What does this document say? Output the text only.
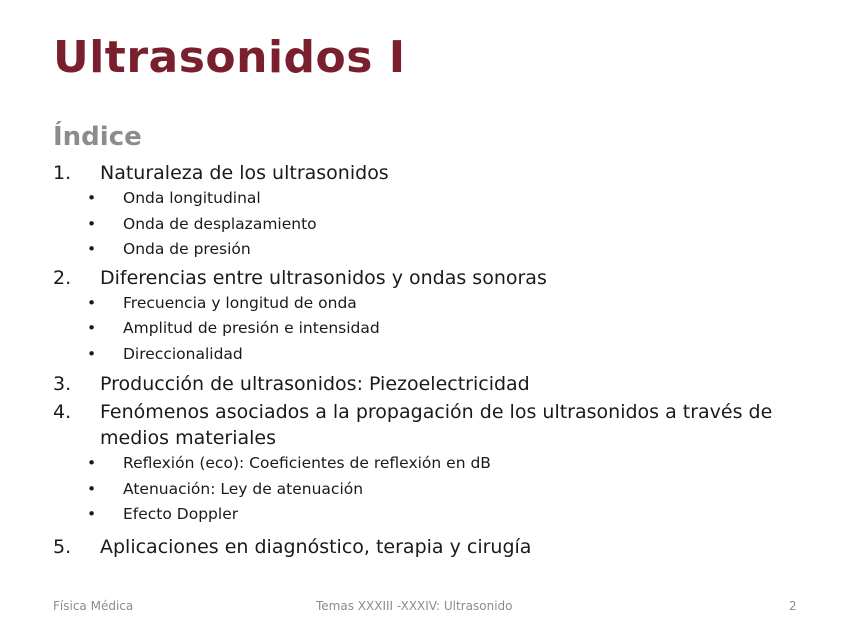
Ultrasonidos I
Índice
1. Naturaleza de los ultrasonidos
• Onda longitudinal
• Onda de desplazamiento
• Onda de presión
2. Diferencias entre ultrasonidos y ondas sonoras
• Frecuencia y longitud de onda
• Amplitud de presión e intensidad
• Direccionalidad
3. Producción de ultrasonidos: Piezoelectricidad
4. Fenómenos asociados a la propagación de los ultrasonidos a través de medios materiales
• Reflexión (eco): Coeficientes de reflexión en dB
• Atenuación: Ley de atenuación
• Efecto Doppler
5. Aplicaciones en diagnóstico, terapia y cirugía
Física Médica	Temas XXXIII -XXXIV: Ultrasonido	2
